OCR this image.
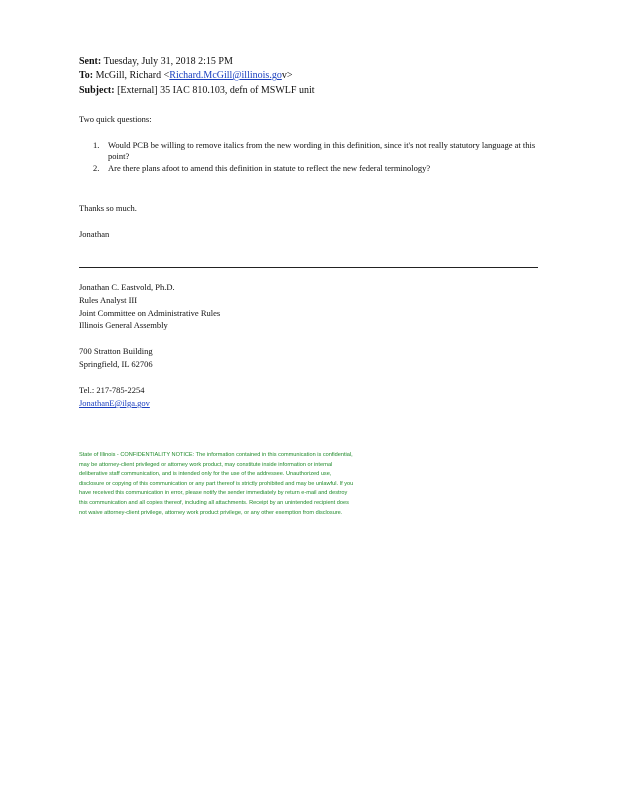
Sent: Tuesday, July 31, 2018 2:15 PM
To: McGill, Richard <Richard.McGill@illinois.gov>
Subject: [External] 35 IAC 810.103, defn of MSWLF unit
Two quick questions:
1. Would PCB be willing to remove italics from the new wording in this definition, since it's not really statutory language at this point?
2. Are there plans afoot to amend this definition in statute to reflect the new federal terminology?
Thanks so much.
Jonathan
Jonathan C. Eastvold, Ph.D.
Rules Analyst III
Joint Committee on Administrative Rules
Illinois General Assembly
700 Stratton Building
Springfield, IL 62706
Tel.: 217-785-2254
JonathanE@ilga.gov
State of Illinois - CONFIDENTIALITY NOTICE: The information contained in this communication is confidential, may be attorney-client privileged or attorney work product, may constitute inside information or internal deliberative staff communication, and is intended only for the use of the addressee. Unauthorized use, disclosure or copying of this communication or any part thereof is strictly prohibited and may be unlawful. If you have received this communication in error, please notify the sender immediately by return e-mail and destroy this communication and all copies thereof, including all attachments. Receipt by an unintended recipient does not waive attorney-client privilege, attorney work product privilege, or any other exemption from disclosure.
